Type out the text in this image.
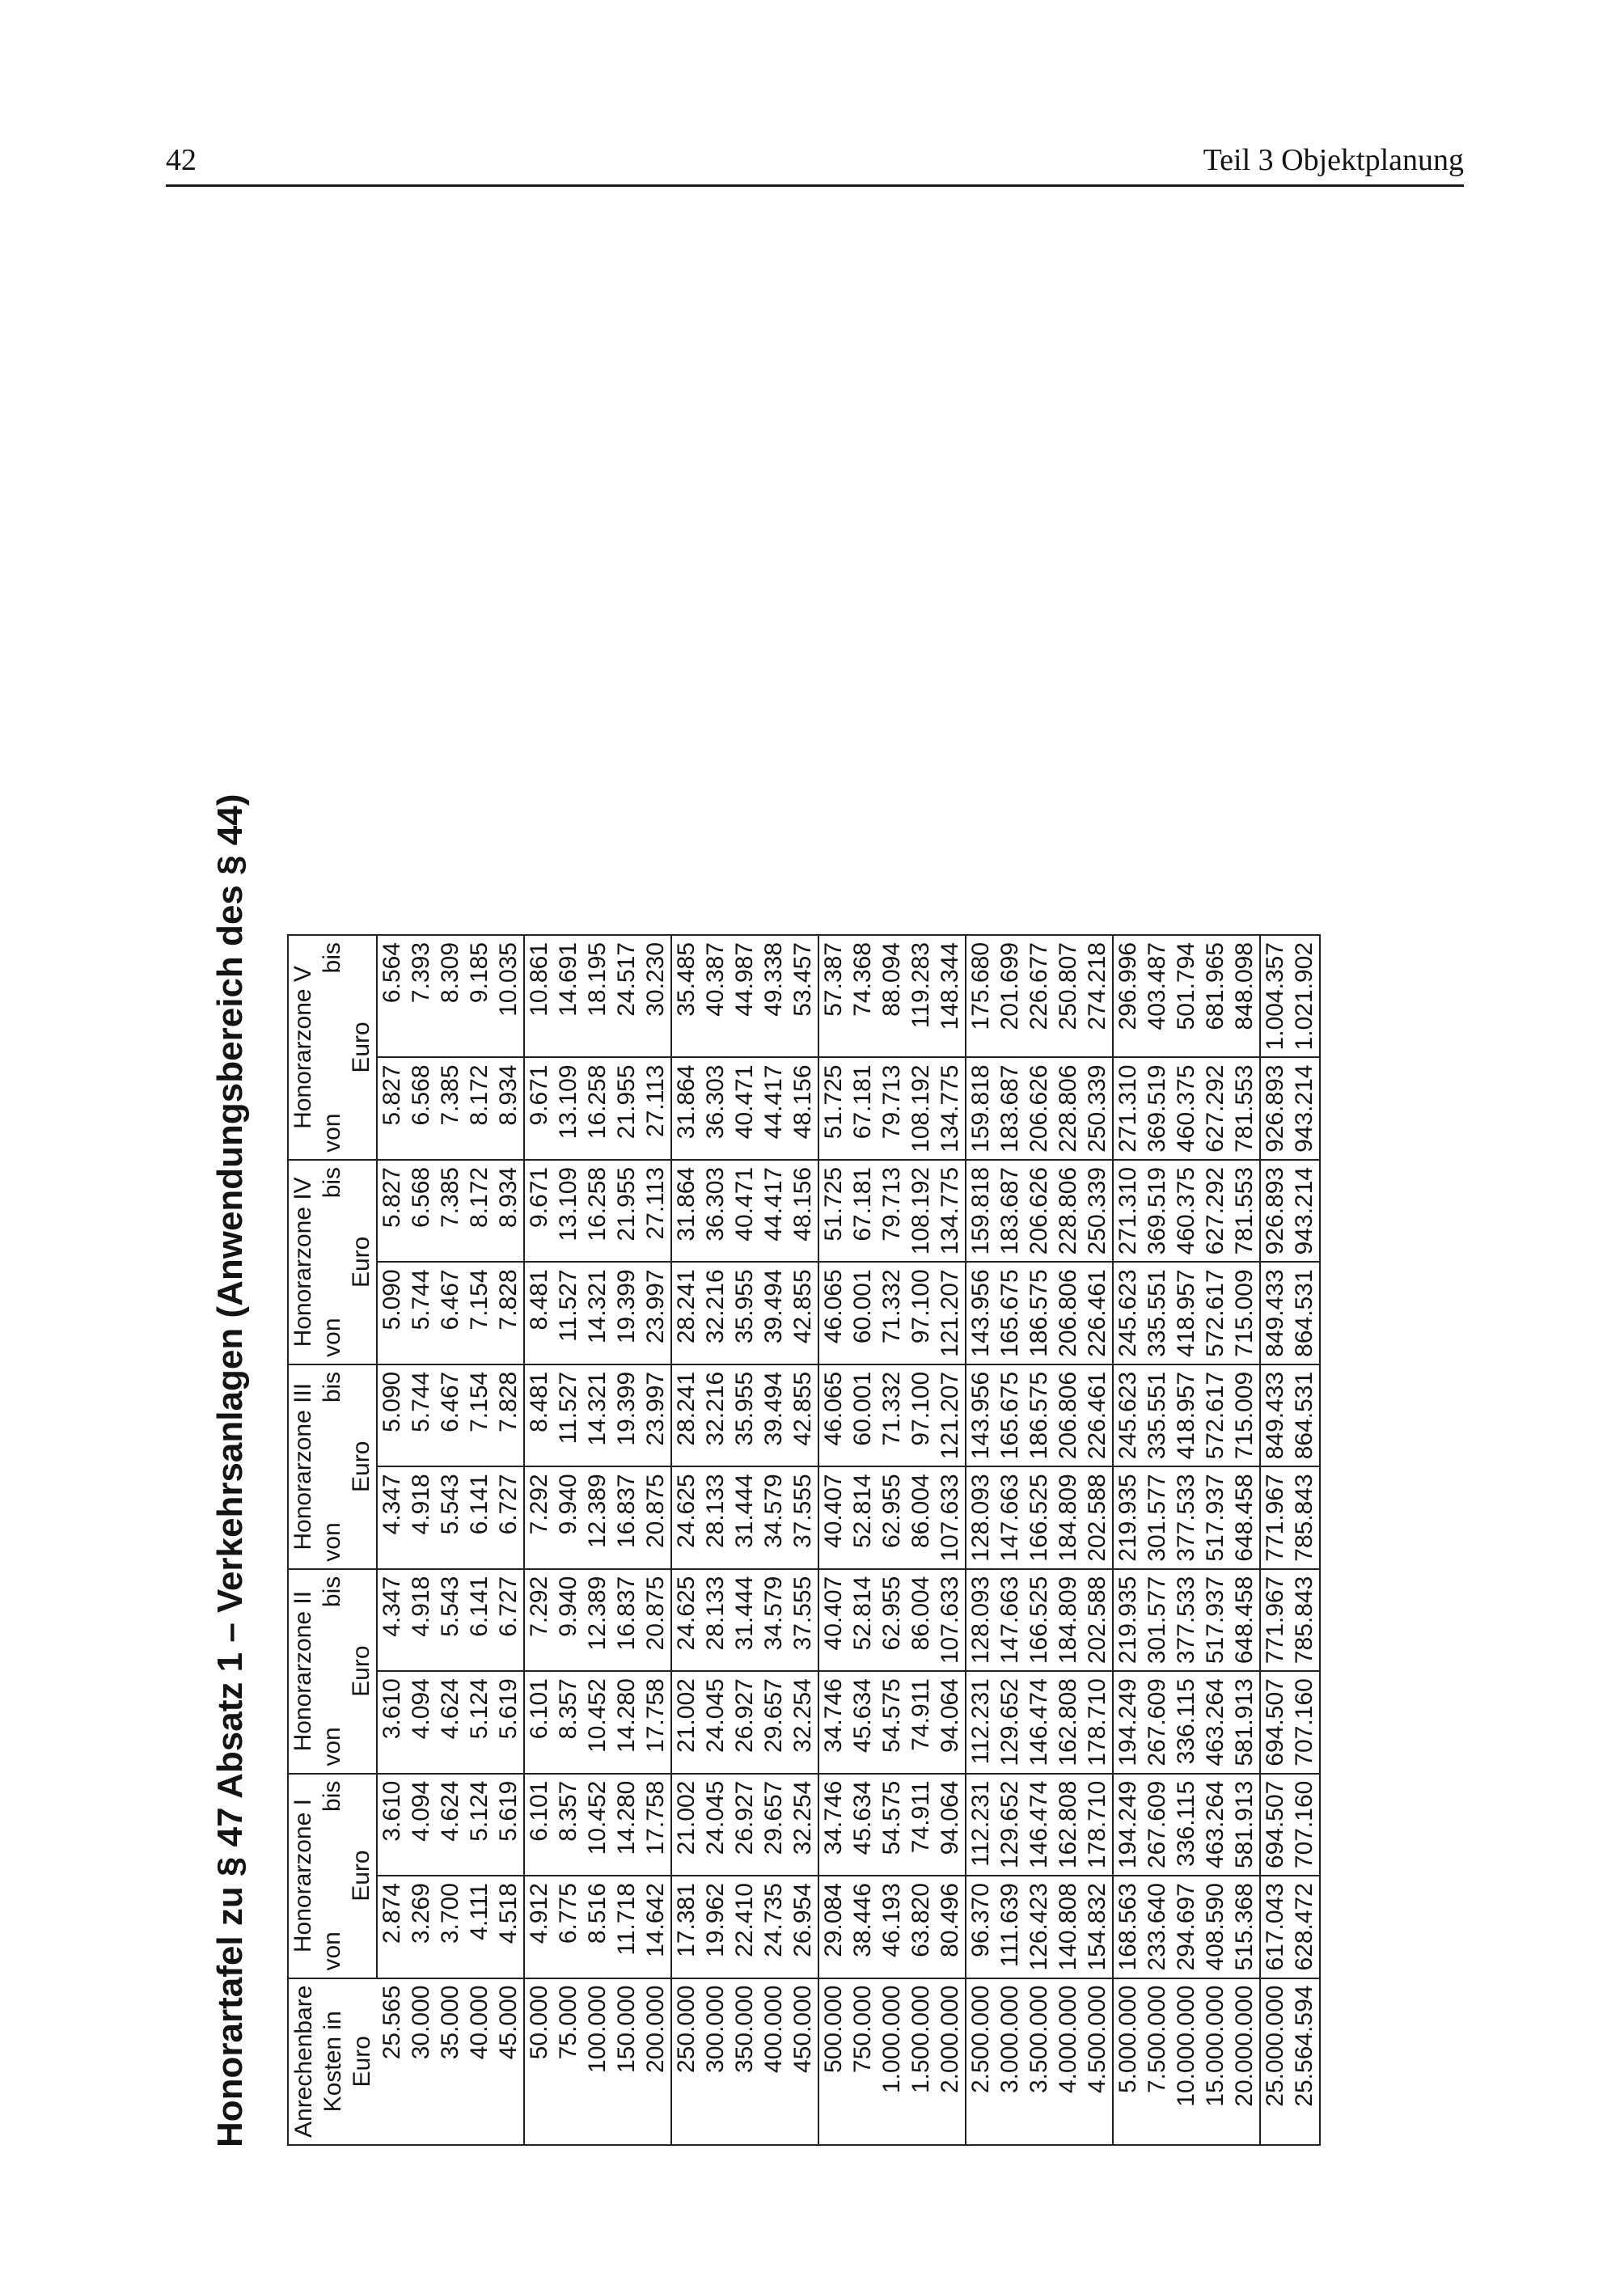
42	Teil 3 Objektplanung
Honorartafel zu § 47 Absatz 1 – Verkehrsanlagen (Anwendungsbereich des § 44) Anrechenbare Kosten in Euro	Honorarzone I		Honorarzone II		Honorarzone III		Honorarzone IV		Honorarzone V	
	von	bis	von	bis	von	bis	von	bis	von	bis
	Euro		Euro		Euro		Euro		Euro	
25.565	2.874	3.610	3.610	4.347	4.347	5.090	5.090	5.827	5.827	6.564
30.000	3.269	4.094	4.094	4.918	4.918	5.744	5.744	6.568	6.568	7.393
35.000	3.700	4.624	4.624	5.543	5.543	6.467	6.467	7.385	7.385	8.309
40.000	4.111	5.124	5.124	6.141	6.141	7.154	7.154	8.172	8.172	9.185
45.000	4.518	5.619	5.619	6.727	6.727	7.828	7.828	8.934	8.934	10.035
50.000	4.912	6.101	6.101	7.292	7.292	8.481	8.481	9.671	9.671	10.861
75.000	6.775	8.357	8.357	9.940	9.940	11.527	11.527	13.109	13.109	14.691
100.000	8.516	10.452	10.452	12.389	12.389	14.321	14.321	16.258	16.258	18.195
150.000	11.718	14.280	14.280	16.837	16.837	19.399	19.399	21.955	21.955	24.517
200.000	14.642	17.758	17.758	20.875	20.875	23.997	23.997	27.113	27.113	30.230
250.000	17.381	21.002	21.002	24.625	24.625	28.241	28.241	31.864	31.864	35.485
300.000	19.962	24.045	24.045	28.133	28.133	32.216	32.216	36.303	36.303	40.387
350.000	22.410	26.927	26.927	31.444	31.444	35.955	35.955	40.471	40.471	44.987
400.000	24.735	29.657	29.657	34.579	34.579	39.494	39.494	44.417	44.417	49.338
450.000	26.954	32.254	32.254	37.555	37.555	42.855	42.855	48.156	48.156	53.457
500.000	29.084	34.746	34.746	40.407	40.407	46.065	46.065	51.725	51.725	57.387
750.000	38.446	45.634	45.634	52.814	52.814	60.001	60.001	67.181	67.181	74.368
1.000.000	46.193	54.575	54.575	62.955	62.955	71.332	71.332	79.713	79.713	88.094
1.500.000	63.820	74.911	74.911	86.004	86.004	97.100	97.100	108.192	108.192	119.283
2.000.000	80.496	94.064	94.064	107.633	107.633	121.207	121.207	134.775	134.775	148.344
2.500.000	96.370	112.231	112.231	128.093	128.093	143.956	143.956	159.818	159.818	175.680
3.000.000	111.639	129.652	129.652	147.663	147.663	165.675	165.675	183.687	183.687	201.699
3.500.000	126.423	146.474	146.474	166.525	166.525	186.575	186.575	206.626	206.626	226.677
4.000.000	140.808	162.808	162.808	184.809	184.809	206.806	206.806	228.806	228.806	250.807
4.500.000	154.832	178.710	178.710	202.588	202.588	226.461	226.461	250.339	250.339	274.218
5.000.000	168.563	194.249	194.249	219.935	219.935	245.623	245.623	271.310	271.310	296.996
7.500.000	233.640	267.609	267.609	301.577	301.577	335.551	335.551	369.519	369.519	403.487
10.000.000	294.697	336.115	336.115	377.533	377.533	418.957	418.957	460.375	460.375	501.794
15.000.000	408.590	463.264	463.264	517.937	517.937	572.617	572.617	627.292	627.292	681.965
20.000.000	515.368	581.913	581.913	648.458	648.458	715.009	715.009	781.553	781.553	848.098
25.000.000	617.043	694.507	694.507	771.967	771.967	849.433	849.433	926.893	926.893	1.004.357
25.564.594	628.472	707.160	707.160	785.843	785.843	864.531	864.531	943.214	943.214	1.021.902
